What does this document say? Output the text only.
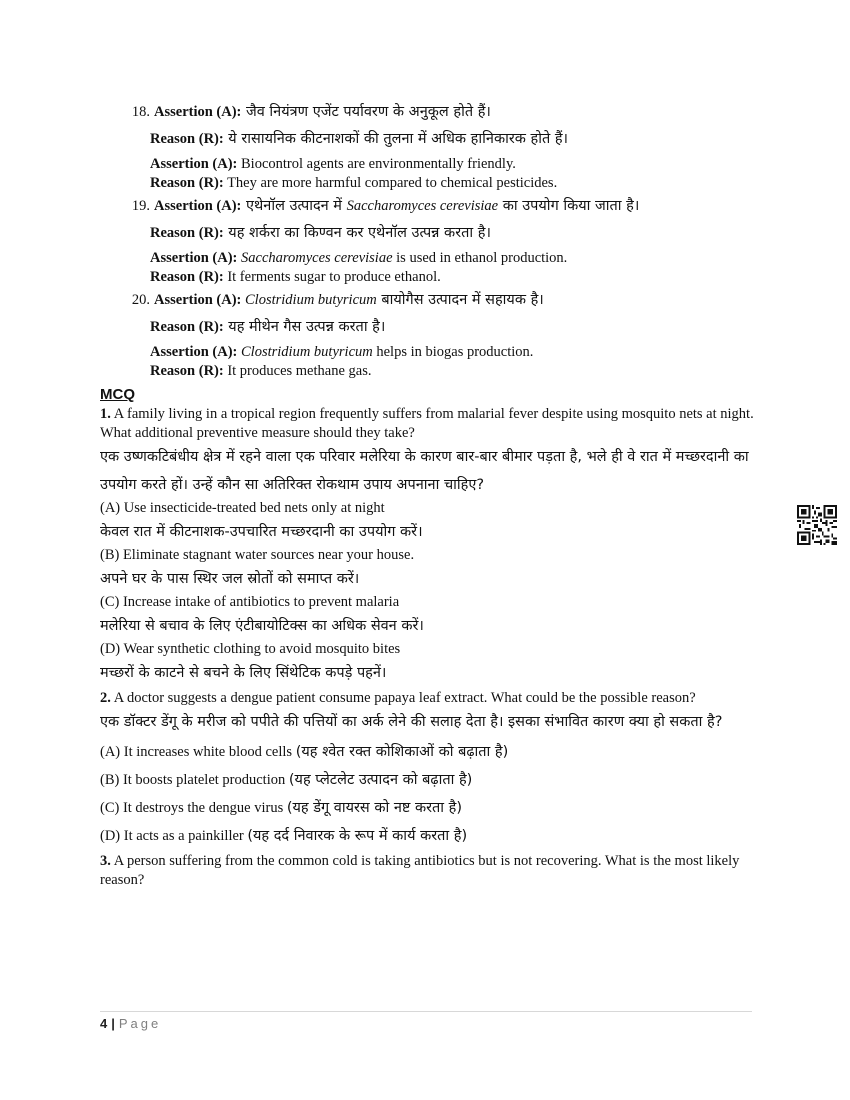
18. Assertion (A): जैव नियंत्रण एजेंट पर्यावरण के अनुकूल होते हैं।
Reason (R): ये रासायनिक कीटनाशकों की तुलना में अधिक हानिकारक होते हैं।
Assertion (A): Biocontrol agents are environmentally friendly.
Reason (R): They are more harmful compared to chemical pesticides.
19. Assertion (A): एथेनॉल उत्पादन में Saccharomyces cerevisiae का उपयोग किया जाता है।
Reason (R): यह शर्करा का किण्वन कर एथेनॉल उत्पन्न करता है।
Assertion (A): Saccharomyces cerevisiae is used in ethanol production.
Reason (R): It ferments sugar to produce ethanol.
20. Assertion (A): Clostridium butyricum बायोगैस उत्पादन में सहायक है।
Reason (R): यह मीथेन गैस उत्पन्न करता है।
Assertion (A): Clostridium butyricum helps in biogas production.
Reason (R): It produces methane gas.
MCQ
1. A family living in a tropical region frequently suffers from malarial fever despite using mosquito nets at night. What additional preventive measure should they take?
एक उष्णकटिबंधीय क्षेत्र में रहने वाला एक परिवार मलेरिया के कारण बार-बार बीमार पड़ता है, भले ही वे रात में मच्छरदानी का उपयोग करते हों। उन्हें कौन सा अतिरिक्त रोकथाम उपाय अपनाना चाहिए?
(A) Use insecticide-treated bed nets only at night
केवल रात में कीटनाशक-उपचारित मच्छरदानी का उपयोग करें।
(B) Eliminate stagnant water sources near your house.
अपने घर के पास स्थिर जल स्रोतों को समाप्त करें।
(C) Increase intake of antibiotics to prevent malaria
मलेरिया से बचाव के लिए एंटीबायोटिक्स का अधिक सेवन करें।
(D) Wear synthetic clothing to avoid mosquito bites
मच्छरों के काटने से बचने के लिए सिंथेटिक कपड़े पहनें।
2. A doctor suggests a dengue patient consume papaya leaf extract. What could be the possible reason?
एक डॉक्टर डेंगू के मरीज को पपीते की पत्तियों का अर्क लेने की सलाह देता है। इसका संभावित कारण क्या हो सकता है?
(A) It increases white blood cells (यह श्वेत रक्त कोशिकाओं को बढ़ाता है)
(B) It boosts platelet production (यह प्लेटलेट उत्पादन को बढ़ाता है)
(C) It destroys the dengue virus (यह डेंगू वायरस को नष्ट करता है)
(D) It acts as a painkiller (यह दर्द निवारक के रूप में कार्य करता है)
3. A person suffering from the common cold is taking antibiotics but is not recovering. What is the most likely reason?
4 | Page
